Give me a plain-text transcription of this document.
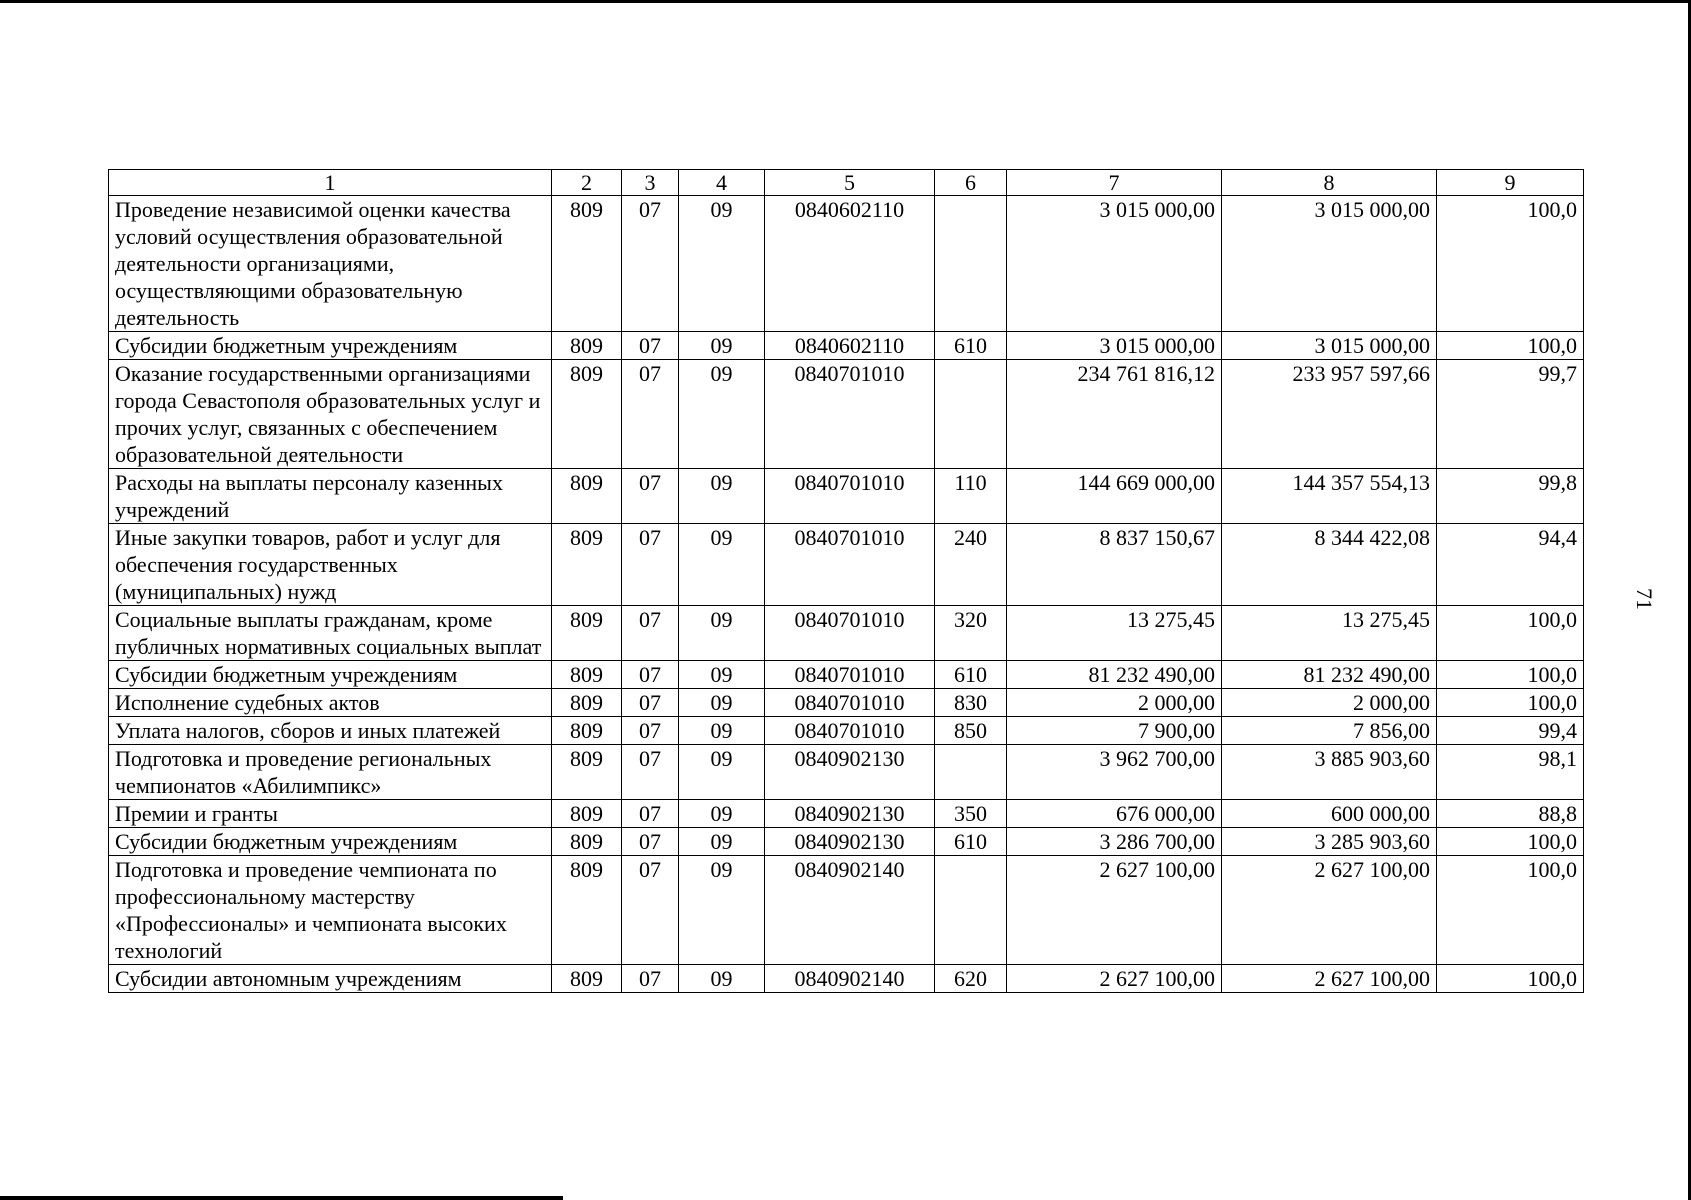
1	2	3	4	5	6	7	8	9
Проведение независимой оценки качества условий осуществления образовательной деятельности организациями, осуществляющими образовательную деятельность	809	07	09	0840602110		3 015 000,00	3 015 000,00	100,0
Субсидии бюджетным учреждениям	809	07	09	0840602110	610	3 015 000,00	3 015 000,00	100,0
Оказание государственными организациями города Севастополя образовательных услуг и прочих услуг, связанных с обеспечением образовательной деятельности	809	07	09	0840701010		234 761 816,12	233 957 597,66	99,7
Расходы на выплаты персоналу казенных учреждений	809	07	09	0840701010	110	144 669 000,00	144 357 554,13	99,8
Иные закупки товаров, работ и услуг для обеспечения государственных (муниципальных) нужд	809	07	09	0840701010	240	8 837 150,67	8 344 422,08	94,4
Социальные выплаты гражданам, кроме публичных нормативных социальных выплат	809	07	09	0840701010	320	13 275,45	13 275,45	100,0
Субсидии бюджетным учреждениям	809	07	09	0840701010	610	81 232 490,00	81 232 490,00	100,0
Исполнение судебных актов	809	07	09	0840701010	830	2 000,00	2 000,00	100,0
Уплата налогов, сборов и иных платежей	809	07	09	0840701010	850	7 900,00	7 856,00	99,4
Подготовка и проведение региональных чемпионатов «Абилимпикс»	809	07	09	0840902130		3 962 700,00	3 885 903,60	98,1
Премии и гранты	809	07	09	0840902130	350	676 000,00	600 000,00	88,8
Субсидии бюджетным учреждениям	809	07	09	0840902130	610	3 286 700,00	3 285 903,60	100,0
Подготовка и проведение чемпионата по профессиональному мастерству «Профессионалы» и чемпионата высоких технологий	809	07	09	0840902140		2 627 100,00	2 627 100,00	100,0
Субсидии автономным учреждениям	809	07	09	0840902140	620	2 627 100,00	2 627 100,00	100,0
71
